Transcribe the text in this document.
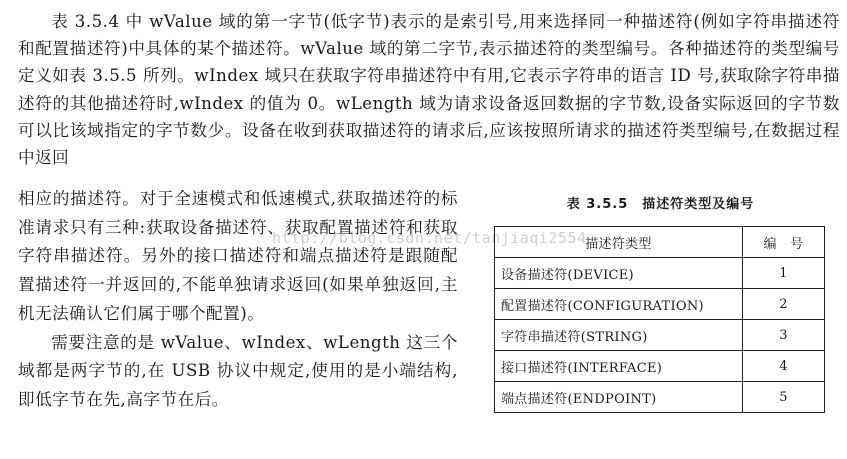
表 3.5.4 中 wValue 域的第一字节(低字节)表示的是索引号,用来选择同一种描述符(例如字符串描述符和配置描述符)中具体的某个描述符。wValue 域的第二字节,表示描述符的类型编号。各种描述符的类型编号定义如表 3.5.5 所列。wIndex 域只在获取字符串描述符中有用,它表示字符串的语言 ID 号,获取除字符串描述符的其他描述符时,wIndex 的值为 0。wLength 域为请求设备返回数据的字节数,设备实际返回的字节数可以比该域指定的字节数少。设备在收到获取描述符的请求后,应该按照所请求的描述符类型编号,在数据过程中返回

相应的描述符。对于全速模式和低速模式,获取描述符的标准请求只有三种:获取设备描述符、获取配置描述符和获取字符串描述符。另外的接口描述符和端点描述符是跟随配置描述符一并返回的,不能单独请求返回(如果单独返回,主机无法确认它们属于哪个配置)。

需要注意的是 wValue、wIndex、wLength 这三个域都是两字节的,在 USB 协议中规定,使用的是小端结构,即低字节在先,高字节在后。

http://blog.csdn.net/tanjiaqi2554
表 3.5.5　描述符类型及编号
描述符类型	编　号
设备描述符(DEVICE)	1
配置描述符(CONFIGURATION)	2
字符串描述符(STRING)	3
接口描述符(INTERFACE)	4
端点描述符(ENDPOINT)	5
